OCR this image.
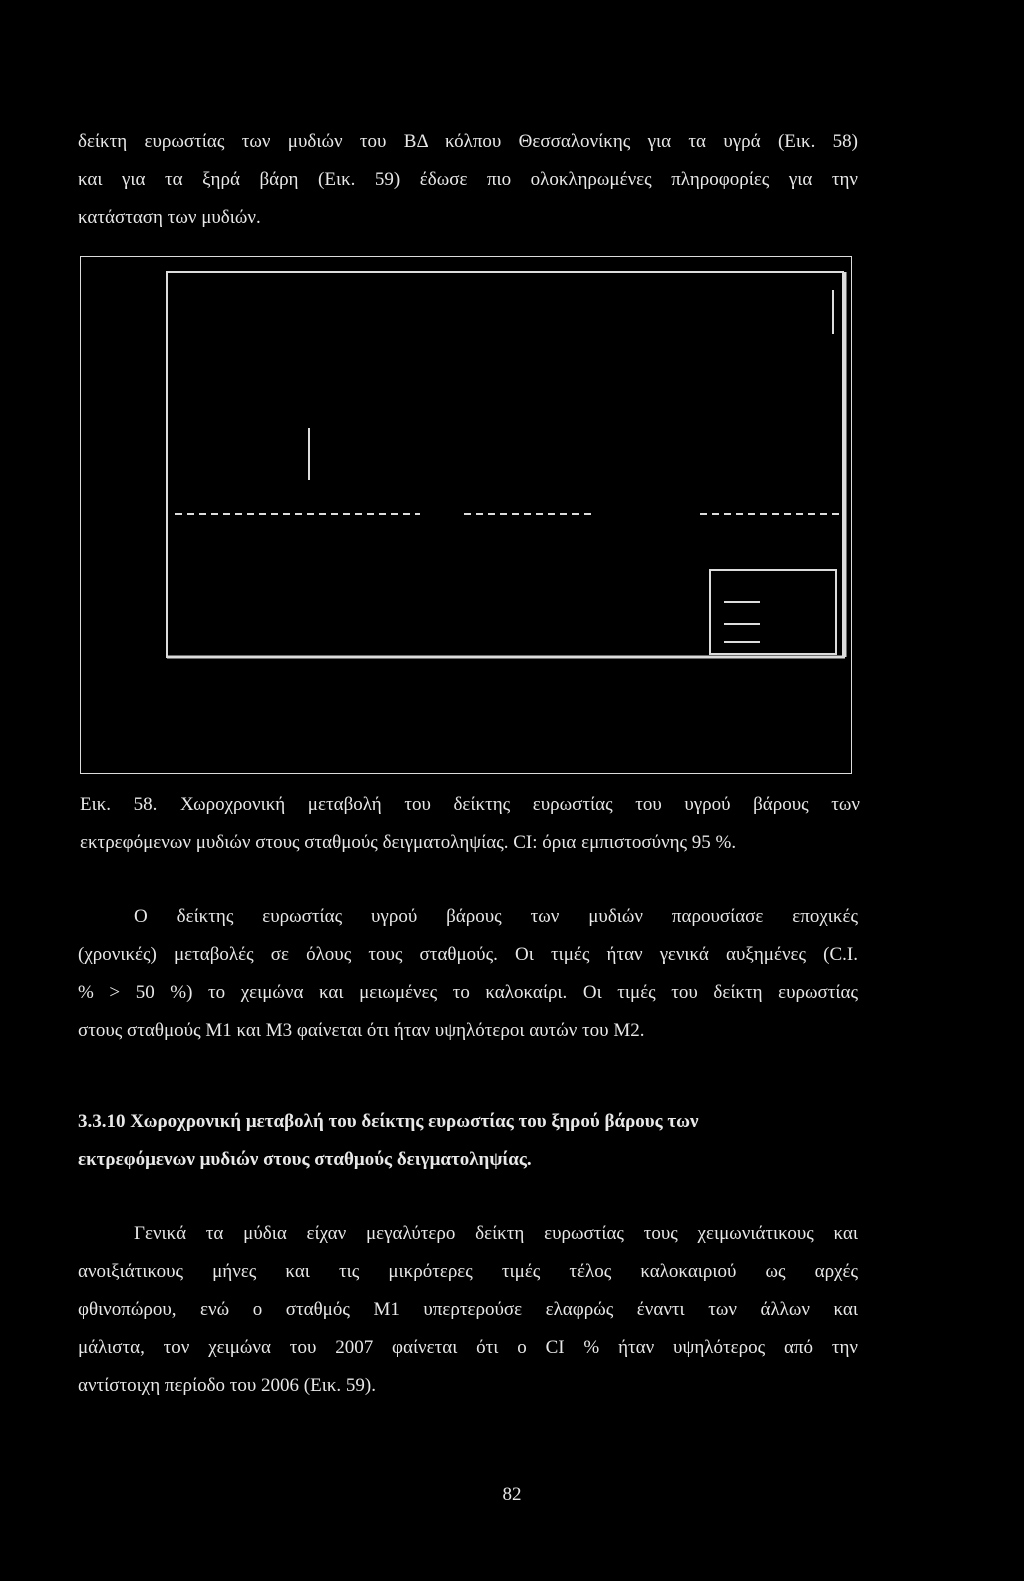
δείκτη ευρωστίας των μυδιών του ΒΔ κόλπου Θεσσαλονίκης για τα υγρά (Εικ. 58)
και για τα ξηρά βάρη (Εικ. 59) έδωσε πιο ολοκληρωμένες πληροφορίες για την
κατάσταση των μυδιών.
Εικ. 58. Χωροχρονική μεταβολή του δείκτης ευρωστίας του υγρού βάρους των
εκτρεφόμενων μυδιών στους σταθμούς δειγματοληψίας. CI: όρια εμπιστοσύνης 95 %.
Ο δείκτης ευρωστίας υγρού βάρους των μυδιών παρουσίασε εποχικές
(χρονικές) μεταβολές σε όλους τους σταθμούς. Οι τιμές ήταν γενικά αυξημένες (C.I.
% > 50 %) το χειμώνα και μειωμένες το καλοκαίρι. Οι τιμές του δείκτη ευρωστίας
στους σταθμούς Μ1 και Μ3 φαίνεται ότι ήταν υψηλότεροι αυτών του Μ2.
3.3.10 Χωροχρονική μεταβολή του δείκτης ευρωστίας του ξηρού βάρους των
εκτρεφόμενων μυδιών στους σταθμούς δειγματοληψίας.
Γενικά τα μύδια είχαν μεγαλύτερο δείκτη ευρωστίας τους χειμωνιάτικους και
ανοιξιάτικους μήνες και τις μικρότερες τιμές τέλος καλοκαιριού ως αρχές
φθινοπώρου, ενώ ο σταθμός Μ1 υπερτερούσε ελαφρώς έναντι των άλλων και
μάλιστα, τον χειμώνα του 2007 φαίνεται ότι ο CI % ήταν υψηλότερος από την
αντίστοιχη περίοδο του 2006 (Εικ. 59).
82
